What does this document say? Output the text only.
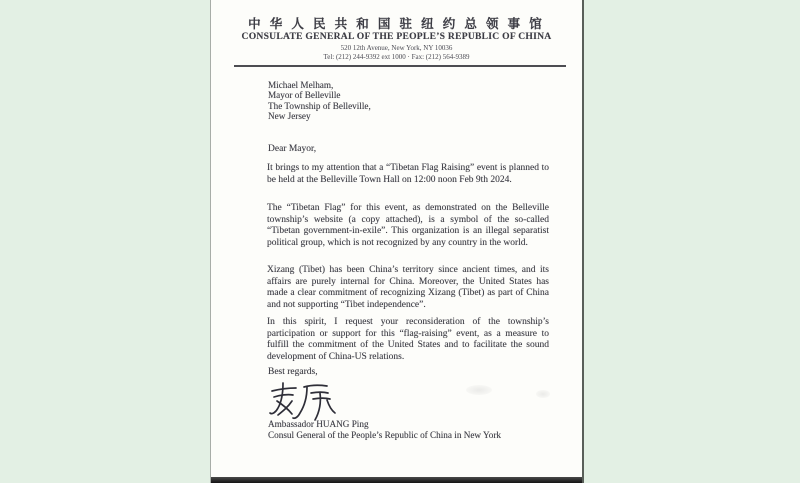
中 华 人 民 共 和 国 驻 纽 约 总 领 事 馆
CONSULATE GENERAL OF THE PEOPLE’S REPUBLIC OF CHINA
520 12th Avenue, New York, NY 10036
Tel: (212) 244-9392 ext 1000 · Fax: (212) 564-9389
Michael Melham,
Mayor of Belleville
The Township of Belleville,
New Jersey
Dear Mayor,
It brings to my attention that a “Tibetan Flag Raising” event is planned to be held at the Belleville Town Hall on 12:00 noon Feb 9th 2024.
The “Tibetan Flag” for this event, as demonstrated on the Belleville township’s website (a copy attached), is a symbol of the so-called “Tibetan government-in-exile”. This organization is an illegal separatist political group, which is not recognized by any country in the world.
Xizang (Tibet) has been China’s territory since ancient times, and its affairs are purely internal for China. Moreover, the United States has made a clear commitment of recognizing Xizang (Tibet) as part of China and not supporting “Tibet independence”.
In this spirit, I request your reconsideration of the township’s participation or support for this “flag-raising” event, as a measure to fulfill the commitment of the United States and to facilitate the sound development of China-US relations.
Best regards,
Ambassador HUANG Ping
Consul General of the People’s Republic of China in New York
